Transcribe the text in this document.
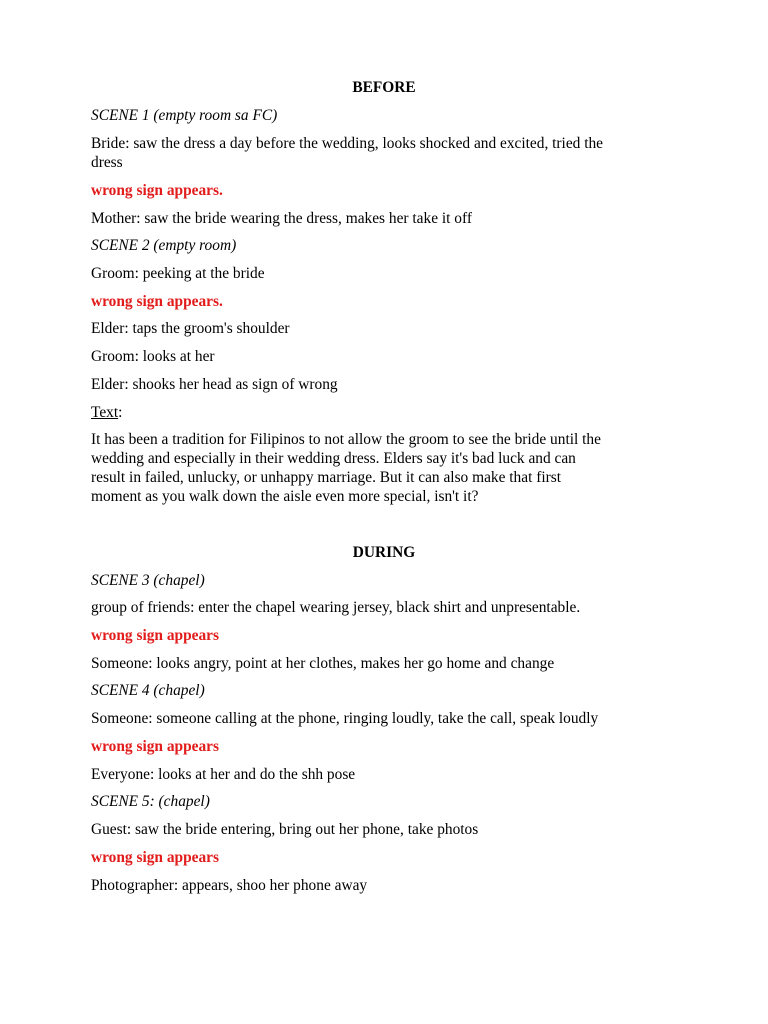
BEFORE
SCENE 1 (empty room sa FC)
Bride: saw the dress a day before the wedding, looks shocked and excited, tried the
dress
wrong sign appears.
Mother: saw the bride wearing the dress, makes her take it off
SCENE 2 (empty room)
Groom: peeking at the bride
wrong sign appears.
Elder: taps the groom's shoulder
Groom: looks at her
Elder: shooks her head as sign of wrong
Text:
It has been a tradition for Filipinos to not allow the groom to see the bride until the
wedding and especially in their wedding dress. Elders say it's bad luck and can
result in failed, unlucky, or unhappy marriage. But it can also make that first
moment as you walk down the aisle even more special, isn't it?
DURING
SCENE 3 (chapel)
group of friends: enter the chapel wearing jersey, black shirt and unpresentable.
wrong sign appears
Someone: looks angry, point at her clothes, makes her go home and change
SCENE 4 (chapel)
Someone: someone calling at the phone, ringing loudly, take the call, speak loudly
wrong sign appears
Everyone: looks at her and do the shh pose
SCENE 5: (chapel)
Guest: saw the bride entering, bring out her phone, take photos
wrong sign appears
Photographer: appears, shoo her phone away
